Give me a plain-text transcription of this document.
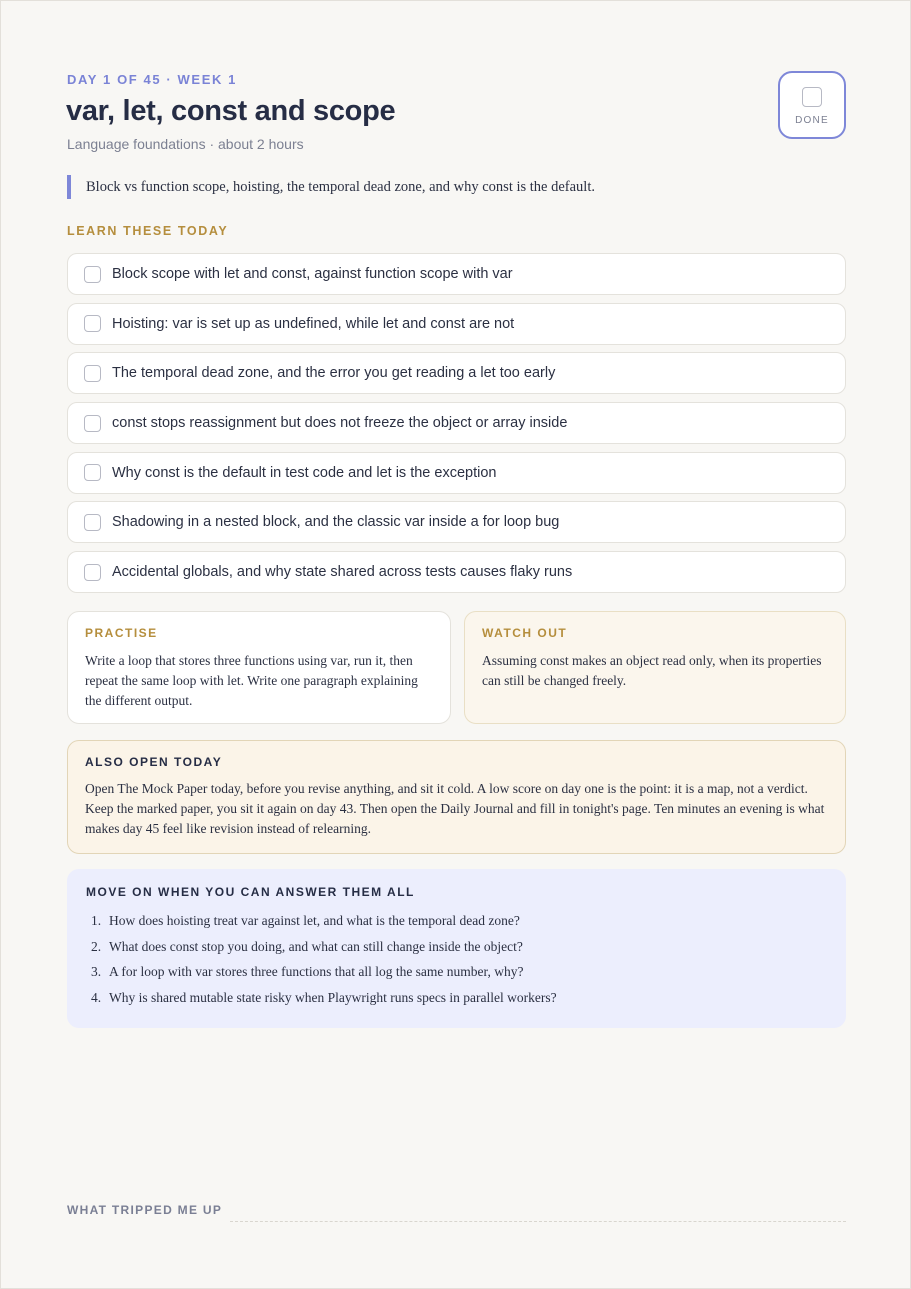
DAY 1 OF 45 · WEEK 1
var, let, const and scope
Language foundations · about 2 hours
DONE
Block vs function scope, hoisting, the temporal dead zone, and why const is the default.
LEARN THESE TODAY
Block scope with let and const, against function scope with var
Hoisting: var is set up as undefined, while let and const are not
The temporal dead zone, and the error you get reading a let too early
const stops reassignment but does not freeze the object or array inside
Why const is the default in test code and let is the exception
Shadowing in a nested block, and the classic var inside a for loop bug
Accidental globals, and why state shared across tests causes flaky runs
PRACTISE
Write a loop that stores three functions using var, run it, then repeat the same loop with let. Write one paragraph explaining the different output.
WATCH OUT
Assuming const makes an object read only, when its properties can still be changed freely.
ALSO OPEN TODAY
Open The Mock Paper today, before you revise anything, and sit it cold. A low score on day one is the point: it is a map, not a verdict. Keep the marked paper, you sit it again on day 43. Then open the Daily Journal and fill in tonight's page. Ten minutes an evening is what makes day 45 feel like revision instead of relearning.
MOVE ON WHEN YOU CAN ANSWER THEM ALL
1. How does hoisting treat var against let, and what is the temporal dead zone?
2. What does const stop you doing, and what can still change inside the object?
3. A for loop with var stores three functions that all log the same number, why?
4. Why is shared mutable state risky when Playwright runs specs in parallel workers?
WHAT TRIPPED ME UP
